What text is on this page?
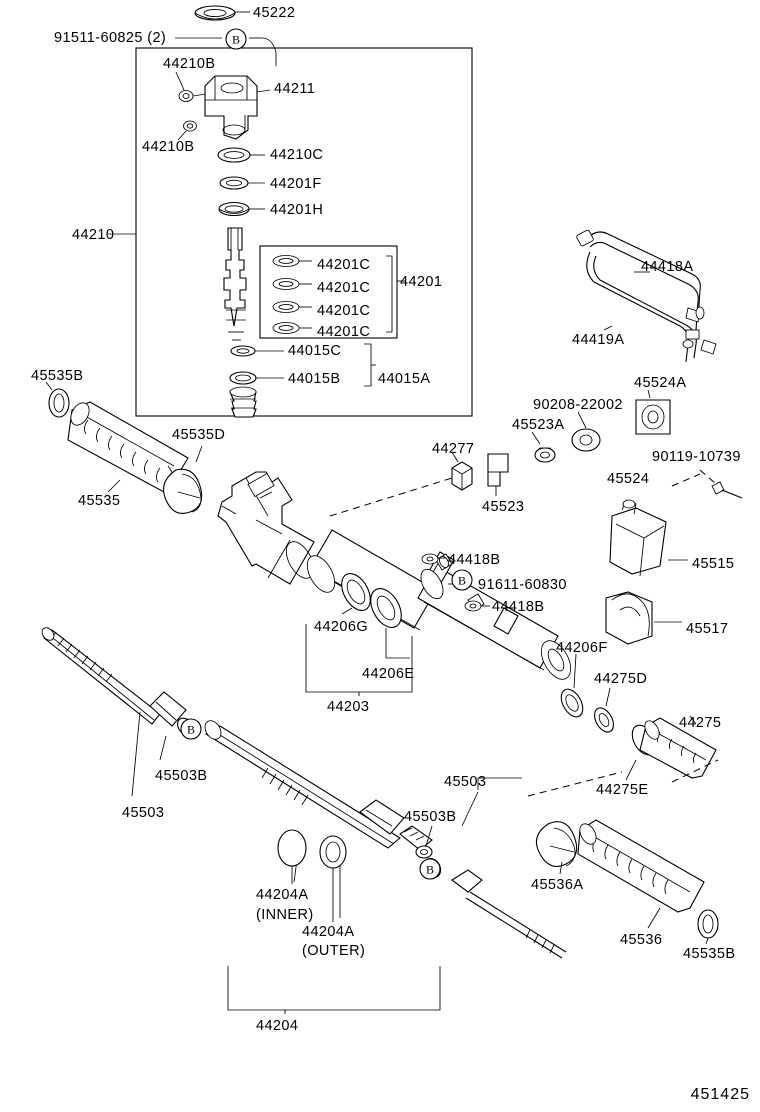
B
B
B
B
45222
91511-60825 (2)
44210B
44211
44210B	44210C
44201F
44201H
44210
44201C
44201C 44201
44201C
44201C
44015C
44015B	44015A
44418A
44419A
45535B
45535D
45535
44277
45523
45523A
90208-22002
45524A
45524
90119-10739
45515
45517
44418B
91611-60830
44418B
44206G
44206E
44203
44206F
44275D
44275
44275E
45503B
45503
45503
45503B
45536A
45536
45535B
44204A
(INNER)
44204A
(OUTER)
44204
451425
